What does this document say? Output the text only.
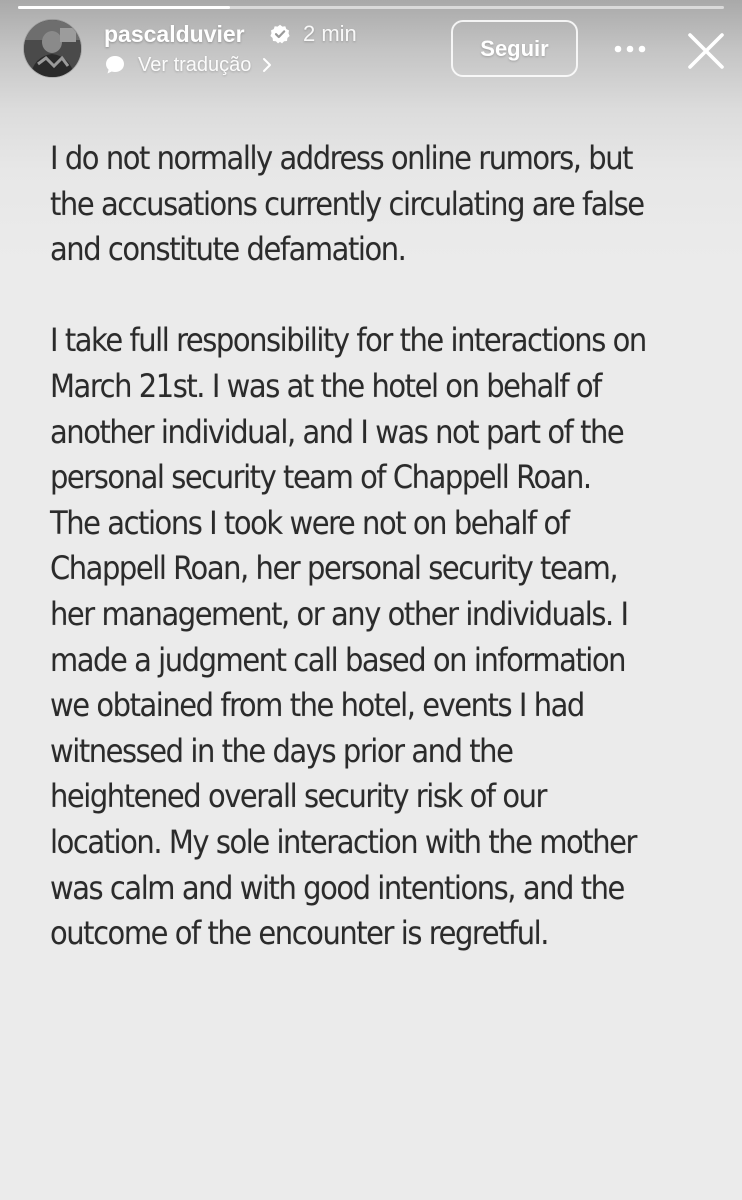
pascalduvier	2 min
Ver tradução
Seguir

I do not normally address online rumors, but the accusations currently circulating are false and constitute defamation.

I take full responsibility for the interactions on March 21st. I was at the hotel on behalf of another individual, and I was not part of the personal security team of Chappell Roan. The actions I took were not on behalf of Chappell Roan, her personal security team, her management, or any other individuals. I made a judgment call based on information we obtained from the hotel, events I had witnessed in the days prior and the heightened overall security risk of our location. My sole interaction with the mother was calm and with good intentions, and the outcome of the encounter is regretful.
